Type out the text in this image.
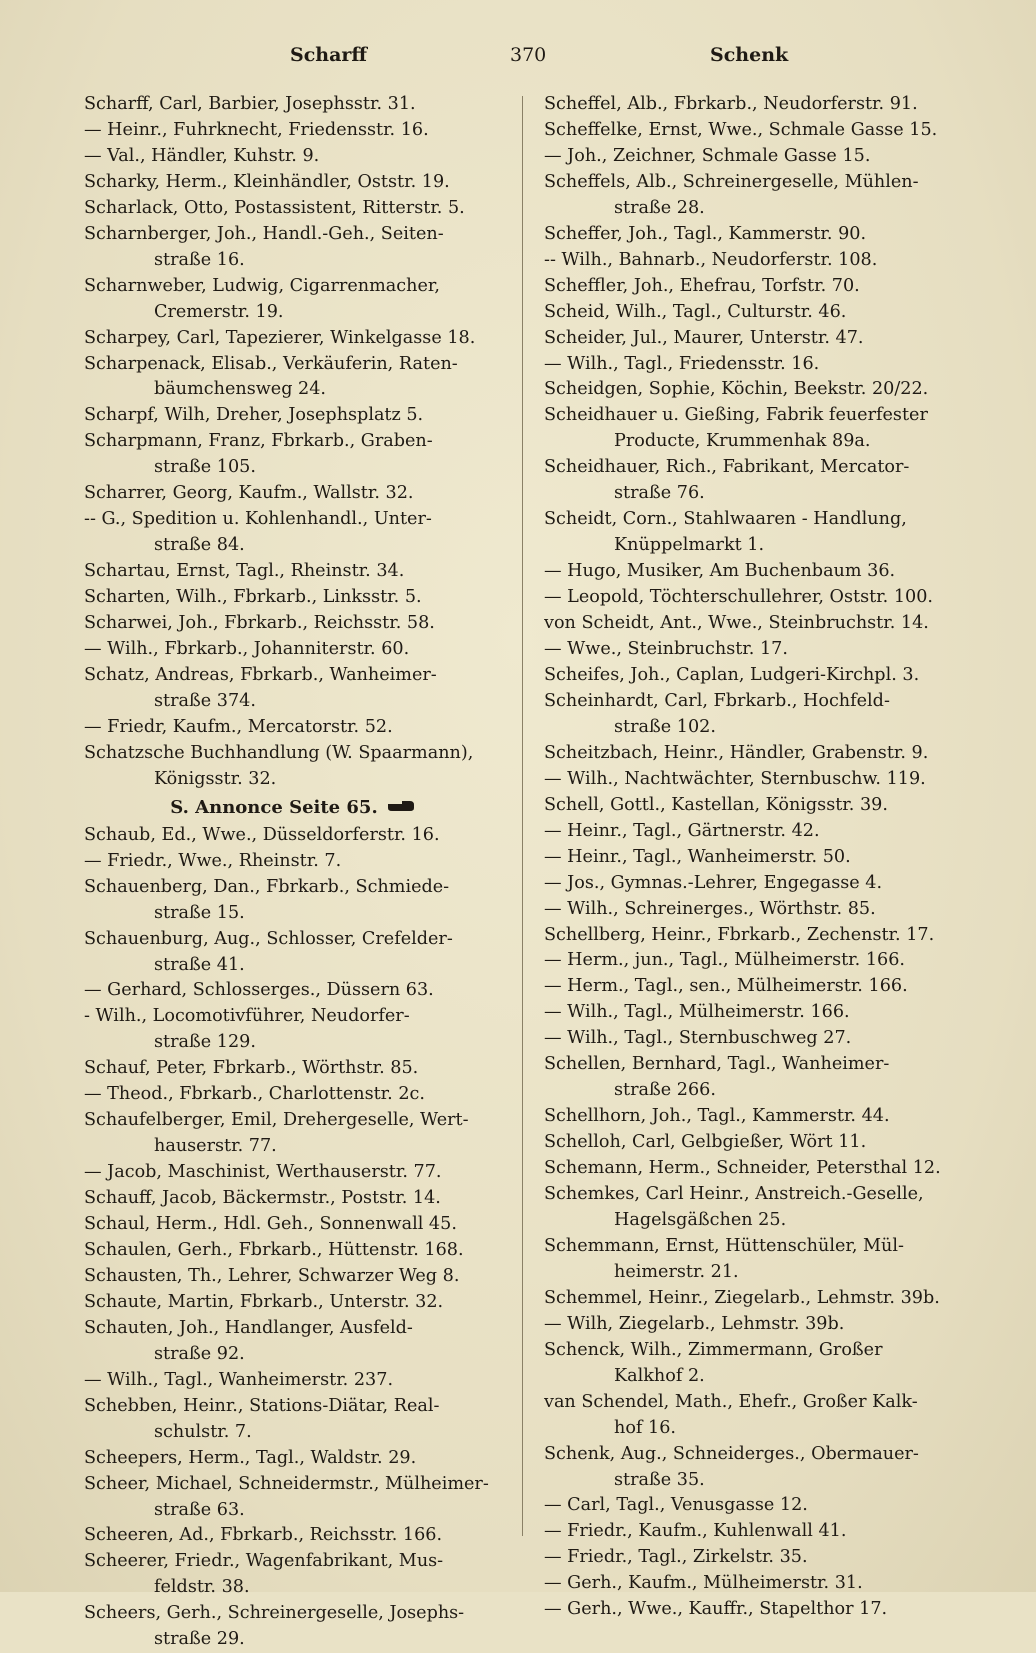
Scharff	370	Schenk
Scharff, Carl, Barbier, Josephsstr. 31.
— Heinr., Fuhrknecht, Friedensstr. 16.
— Val., Händler, Kuhstr. 9.
Scharky, Herm., Kleinhändler, Oststr. 19.
Scharlack, Otto, Postassistent, Ritterstr. 5.
Scharnberger, Joh., Handl.-Geh., Seiten-
straße 16.
Scharnweber, Ludwig, Cigarrenmacher,
Cremerstr. 19.
Scharpey, Carl, Tapezierer, Winkelgasse 18.
Scharpenack, Elisab., Verkäuferin, Raten-
bäumchensweg 24.
Scharpf, Wilh, Dreher, Josephsplatz 5.
Scharpmann, Franz, Fbrkarb., Graben-
straße 105.
Scharrer, Georg, Kaufm., Wallstr. 32.
-- G., Spedition u. Kohlenhandl., Unter-
straße 84.
Schartau, Ernst, Tagl., Rheinstr. 34.
Scharten, Wilh., Fbrkarb., Linksstr. 5.
Scharwei, Joh., Fbrkarb., Reichsstr. 58.
— Wilh., Fbrkarb., Johanniterstr. 60.
Schatz, Andreas, Fbrkarb., Wanheimer-
straße 374.
— Friedr, Kaufm., Mercatorstr. 52.
Schatzsche Buchhandlung (W. Spaarmann),
Königsstr. 32.
S. Annonce Seite 65.
Schaub, Ed., Wwe., Düsseldorferstr. 16.
— Friedr., Wwe., Rheinstr. 7.
Schauenberg, Dan., Fbrkarb., Schmiede-
straße 15.
Schauenburg, Aug., Schlosser, Crefelder-
straße 41.
— Gerhard, Schlosserges., Düssern 63.
- Wilh., Locomotivführer, Neudorfer-
straße 129.
Schauf, Peter, Fbrkarb., Wörthstr. 85.
— Theod., Fbrkarb., Charlottenstr. 2c.
Schaufelberger, Emil, Drehergeselle, Wert-
hauserstr. 77.
— Jacob, Maschinist, Werthauserstr. 77.
Schauff, Jacob, Bäckermstr., Poststr. 14.
Schaul, Herm., Hdl. Geh., Sonnenwall 45.
Schaulen, Gerh., Fbrkarb., Hüttenstr. 168.
Schausten, Th., Lehrer, Schwarzer Weg 8.
Schaute, Martin, Fbrkarb., Unterstr. 32.
Schauten, Joh., Handlanger, Ausfeld-
straße 92.
— Wilh., Tagl., Wanheimerstr. 237.
Schebben, Heinr., Stations-Diätar, Real-
schulstr. 7.
Scheepers, Herm., Tagl., Waldstr. 29.
Scheer, Michael, Schneidermstr., Mülheimer-
straße 63.
Scheeren, Ad., Fbrkarb., Reichsstr. 166.
Scheerer, Friedr., Wagenfabrikant, Mus-
feldstr. 38.
Scheers, Gerh., Schreinergeselle, Josephs-
straße 29.
Scheffel, Alb., Fbrkarb., Neudorferstr. 91.
Scheffelke, Ernst, Wwe., Schmale Gasse 15.
— Joh., Zeichner, Schmale Gasse 15.
Scheffels, Alb., Schreinergeselle, Mühlen-
straße 28.
Scheffer, Joh., Tagl., Kammerstr. 90.
-- Wilh., Bahnarb., Neudorferstr. 108.
Scheffler, Joh., Ehefrau, Torfstr. 70.
Scheid, Wilh., Tagl., Culturstr. 46.
Scheider, Jul., Maurer, Unterstr. 47.
— Wilh., Tagl., Friedensstr. 16.
Scheidgen, Sophie, Köchin, Beekstr. 20/22.
Scheidhauer u. Gießing, Fabrik feuerfester
Producte, Krummenhak 89a.
Scheidhauer, Rich., Fabrikant, Mercator-
straße 76.
Scheidt, Corn., Stahlwaaren - Handlung,
Knüppelmarkt 1.
— Hugo, Musiker, Am Buchenbaum 36.
— Leopold, Töchterschullehrer, Oststr. 100.
von Scheidt, Ant., Wwe., Steinbruchstr. 14.
— Wwe., Steinbruchstr. 17.
Scheifes, Joh., Caplan, Ludgeri-Kirchpl. 3.
Scheinhardt, Carl, Fbrkarb., Hochfeld-
straße 102.
Scheitzbach, Heinr., Händler, Grabenstr. 9.
— Wilh., Nachtwächter, Sternbuschw. 119.
Schell, Gottl., Kastellan, Königsstr. 39.
— Heinr., Tagl., Gärtnerstr. 42.
— Heinr., Tagl., Wanheimerstr. 50.
— Jos., Gymnas.-Lehrer, Engegasse 4.
— Wilh., Schreinerges., Wörthstr. 85.
Schellberg, Heinr., Fbrkarb., Zechenstr. 17.
— Herm., jun., Tagl., Mülheimerstr. 166.
— Herm., Tagl., sen., Mülheimerstr. 166.
— Wilh., Tagl., Mülheimerstr. 166.
— Wilh., Tagl., Sternbuschweg 27.
Schellen, Bernhard, Tagl., Wanheimer-
straße 266.
Schellhorn, Joh., Tagl., Kammerstr. 44.
Schelloh, Carl, Gelbgießer, Wört 11.
Schemann, Herm., Schneider, Petersthal 12.
Schemkes, Carl Heinr., Anstreich.-Geselle,
Hagelsgäßchen 25.
Schemmann, Ernst, Hüttenschüler, Mül-
heimerstr. 21.
Schemmel, Heinr., Ziegelarb., Lehmstr. 39b.
— Wilh, Ziegelarb., Lehmstr. 39b.
Schenck, Wilh., Zimmermann, Großer
Kalkhof 2.
van Schendel, Math., Ehefr., Großer Kalk-
hof 16.
Schenk, Aug., Schneiderges., Obermauer-
straße 35.
— Carl, Tagl., Venusgasse 12.
— Friedr., Kaufm., Kuhlenwall 41.
— Friedr., Tagl., Zirkelstr. 35.
— Gerh., Kaufm., Mülheimerstr. 31.
— Gerh., Wwe., Kauffr., Stapelthor 17.
